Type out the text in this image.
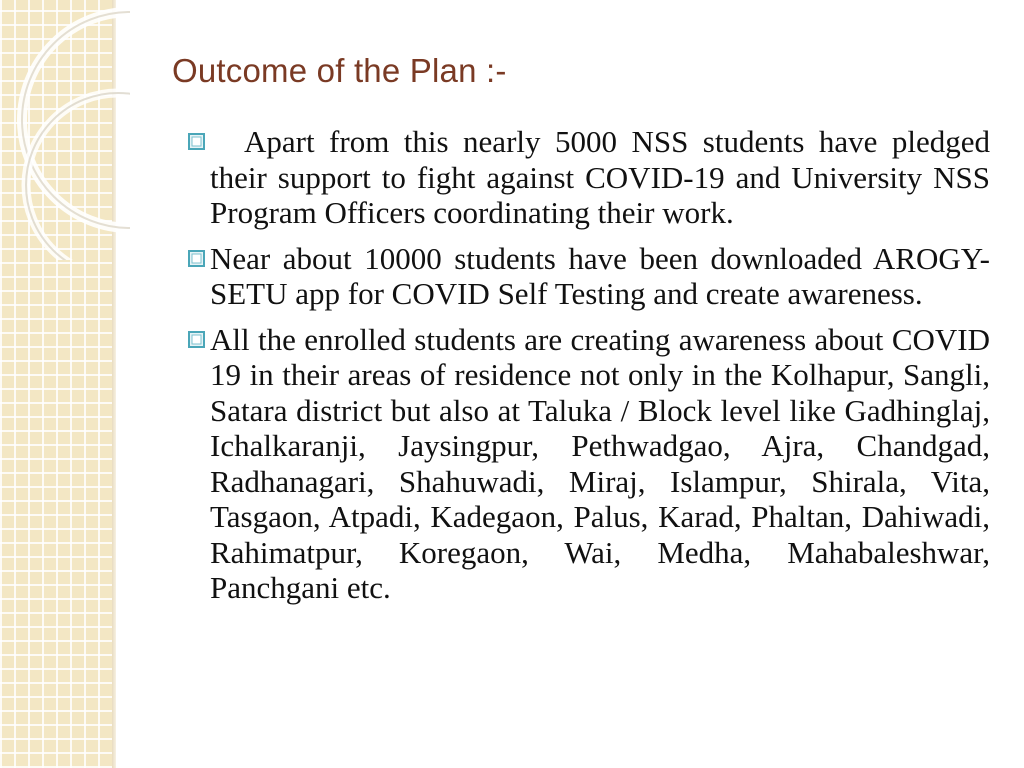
Outcome of the Plan :-
Apart from this nearly 5000 NSS students have pledged their support to fight against COVID-19 and University NSS Program Officers coordinating their work.
Near about 10000 students have been downloaded AROGY-SETU app for COVID Self Testing and create awareness.
All the enrolled students are creating awareness about COVID 19 in their areas of residence not only in the Kolhapur, Sangli, Satara district but also at Taluka / Block level like Gadhinglaj, Ichalkaranji, Jaysingpur, Pethwadgao, Ajra, Chandgad, Radhanagari, Shahuwadi, Miraj, Islampur, Shirala, Vita, Tasgaon, Atpadi, Kadegaon, Palus, Karad, Phaltan, Dahiwadi, Rahimatpur, Koregaon, Wai, Medha, Mahabaleshwar, Panchgani etc.
